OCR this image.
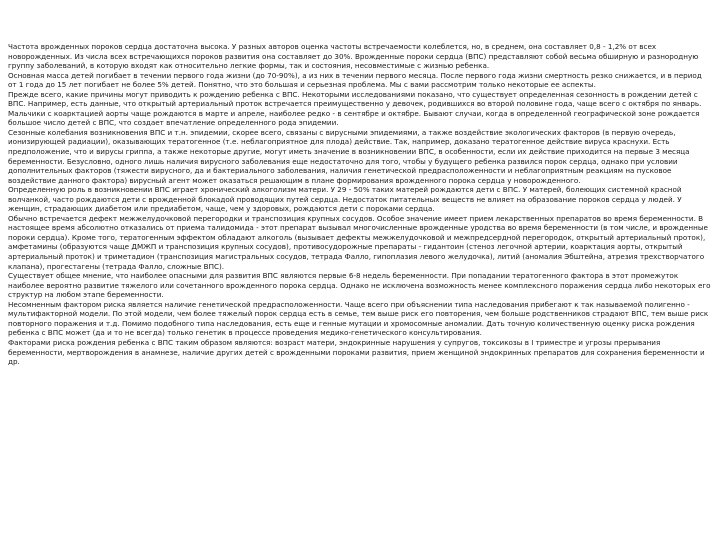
Частота врожденных пороков сердца достаточна высока. У разных авторов оценка частоты встречаемости колеблется, но, в среднем, она составляет 0,8 - 1,2% от всех новорожденных. Из числа всех встречающихся пороков развития она составляет до 30%. Врожденные пороки сердца (ВПС) представляют собой весьма обширную и разнородную группу заболеваний, в которую входят как относительно легкие формы, так и состояния, несовместимые с жизнью ребенка.

Основная масса детей погибает в течении первого года жизни (до 70-90%), а из них в течении первого месяца. После первого года жизни смертность резко снижается, и в период от 1 года до 15 лет погибает не более 5% детей. Понятно, что это большая и серьезная проблема. Мы с вами рассмотрим только некоторые ее аспекты.

Прежде всего, какие причины могут приводить к рождению ребенка с ВПС. Некоторыми исследованиями показано, что существует определенная сезонность в рождении детей с ВПС. Например, есть данные, что открытый артериальный проток встречается преимущественно у девочек, родившихся во второй половине года, чаще всего с октября по январь. Мальчики с коарктацией аорты чаще рождаются в марте и апреле, наиболее редко - в сентябре и октябре. Бывают случаи, когда в определенной географической зоне рождается большое число детей с ВПС, что создает впечатление определенного рода эпидемии.

Сезонные колебания возникновения ВПС и т.н. эпидемии, скорее всего, связаны с вирусными эпидемиями, а также воздействие экологических факторов (в первую очередь, ионизирующей радиации), оказывающих тератогенное (т.е. неблагоприятное для плода) действие. Так, например, доказано тератогенное действие вируса краснухи. Есть предположение, что и вирусы гриппа, а также некоторые другие, могут иметь значение в возникновении ВПС, в особенности, если их действие приходится на первые 3 месяца беременности. Безусловно, одного лишь наличия вирусного заболевания еще недостаточно для того, чтобы у будущего ребенка развился порок сердца, однако при условии дополнительных факторов (тяжести вирусного, да и бактериального заболевания, наличия генетической предрасположенности и неблагоприятным реакциям на пусковое воздействие данного фактора) вирусный агент может оказаться решающим в плане формирования врожденного порока сердца у новорожденного.

Определенную роль в возникновении ВПС играет хронический алкоголизм матери. У 29 - 50% таких матерей рождаются дети с ВПС. У матерей, болеющих системной красной волчанкой, часто рождаются дети с врожденной блокадой проводящих путей сердца. Недостаток питательных веществ не влияет на образование пороков сердца у людей. У женщин, страдающих диабетом или предиабетом, чаще, чем у здоровых, рождаются дети с пороками сердца.

Обычно встречается дефект межжелудочковой перегородки и транспозиция крупных сосудов. Особое значение имеет прием лекарственных препаратов во время беременности. В настоящее время абсолютно отказались от приема талидомида - этот препарат вызывал многочисленные врожденные уродства во время беременности (в том числе, и врожденные пороки сердца). Кроме того, тератогенным эффектом обладают алкоголь (вызывает дефекты межжелудочковой и межпредсердной перегородок, открытый артериальный проток), амфетамины (образуются чаще ДМЖП и транспозиция крупных сосудов), противосудорожные препараты - гидантоин (стеноз легочной артерии, коарктация аорты, открытый артериальный проток) и триметадион (транспозиция магистральных сосудов, тетрада Фалло, гипоплазия левого желудочка), литий (аномалия Эбштейна, атрезия трехстворчатого клапана), прогестагены (тетрада Фалло, сложные ВПС).

Существует общее мнение, что наиболее опасными для развития ВПС являются первые 6-8 недель беременности. При попадании тератогенного фактора в этот промежуток наиболее вероятно развитие тяжелого или сочетанного врожденного порока сердца. Однако не исключена возможность менее комплексного поражения сердца либо некоторых его структур на любом этапе беременности.

Несомненным фактором риска является наличие генетической предрасположенности. Чаще всего при объяснении типа наследования прибегают к так называемой полигенно - мультифакторной модели. По этой модели, чем более тяжелый порок сердца есть в семье, тем выше риск его повторения, чем больше родственников страдают ВПС, тем выше риск повторного поражения и т.д. Помимо подобного типа наследования, есть еще и генные мутации и хромосомные аномалии. Дать точную количественную оценку риска рождения ребенка с ВПС может (да и то не всегда) только генетик в процессе проведения медико-генетического консультирования.

Факторами риска рождения ребенка с ВПС таким образом являются: возраст матери, эндокринные нарушения у супругов, токсикозы в I триместре и угрозы прерывания беременности, мертворождения в анамнезе, наличие других детей с врожденными пороками развития, прием женщиной эндокринных препаратов для сохранения беременности и др.
